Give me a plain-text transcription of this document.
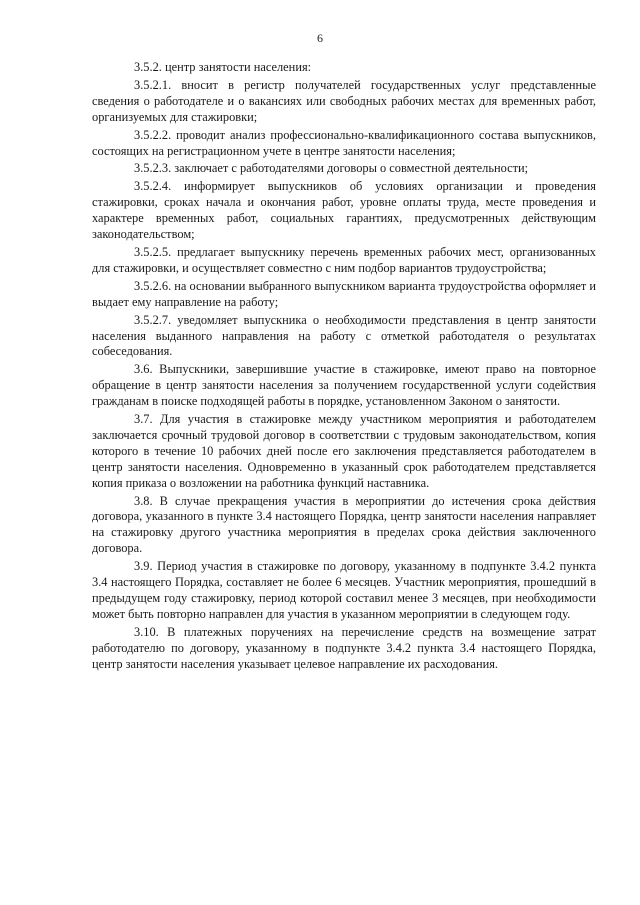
6

3.5.2. центр занятости населения:

3.5.2.1. вносит в регистр получателей государственных услуг представленные сведения о работодателе и о вакансиях или свободных рабочих местах для временных работ, организуемых для стажировки;

3.5.2.2. проводит анализ профессионально-квалификационного состава выпускников, состоящих на регистрационном учете в центре занятости населения;

3.5.2.3. заключает с работодателями договоры о совместной деятельности;

3.5.2.4. информирует выпускников об условиях организации и проведения стажировки, сроках начала и окончания работ, уровне оплаты труда, месте проведения и характере временных работ, социальных гарантиях, предусмотренных действующим законодательством;

3.5.2.5. предлагает выпускнику перечень временных рабочих мест, организованных для стажировки, и осуществляет совместно с ним подбор вариантов трудоустройства;

3.5.2.6. на основании выбранного выпускником варианта трудоустройства оформляет и выдает ему направление на работу;

3.5.2.7. уведомляет выпускника о необходимости представления в центр занятости населения выданного направления на работу с отметкой работодателя о результатах собеседования.

3.6. Выпускники, завершившие участие в стажировке, имеют право на повторное обращение в центр занятости населения за получением государственной услуги содействия гражданам в поиске подходящей работы в порядке, установленном Законом о занятости.

3.7. Для участия в стажировке между участником мероприятия и работодателем заключается срочный трудовой договор в соответствии с трудовым законодательством, копия которого в течение 10 рабочих дней после его заключения представляется работодателем в центр занятости населения. Одновременно в указанный срок работодателем представляется копия приказа о возложении на работника функций наставника.

3.8. В случае прекращения участия в мероприятии до истечения срока действия договора, указанного в пункте 3.4 настоящего Порядка, центр занятости населения направляет на стажировку другого участника мероприятия в пределах срока действия заключенного договора.

3.9. Период участия в стажировке по договору, указанному в подпункте 3.4.2 пункта 3.4 настоящего Порядка, составляет не более 6 месяцев. Участник мероприятия, прошедший в предыдущем году стажировку, период которой составил менее 3 месяцев, при необходимости может быть повторно направлен для участия в указанном мероприятии в следующем году.

3.10. В платежных поручениях на перечисление средств на возмещение затрат работодателю по договору, указанному в подпункте 3.4.2 пункта 3.4 настоящего Порядка, центр занятости населения указывает целевое направление их расходования.
